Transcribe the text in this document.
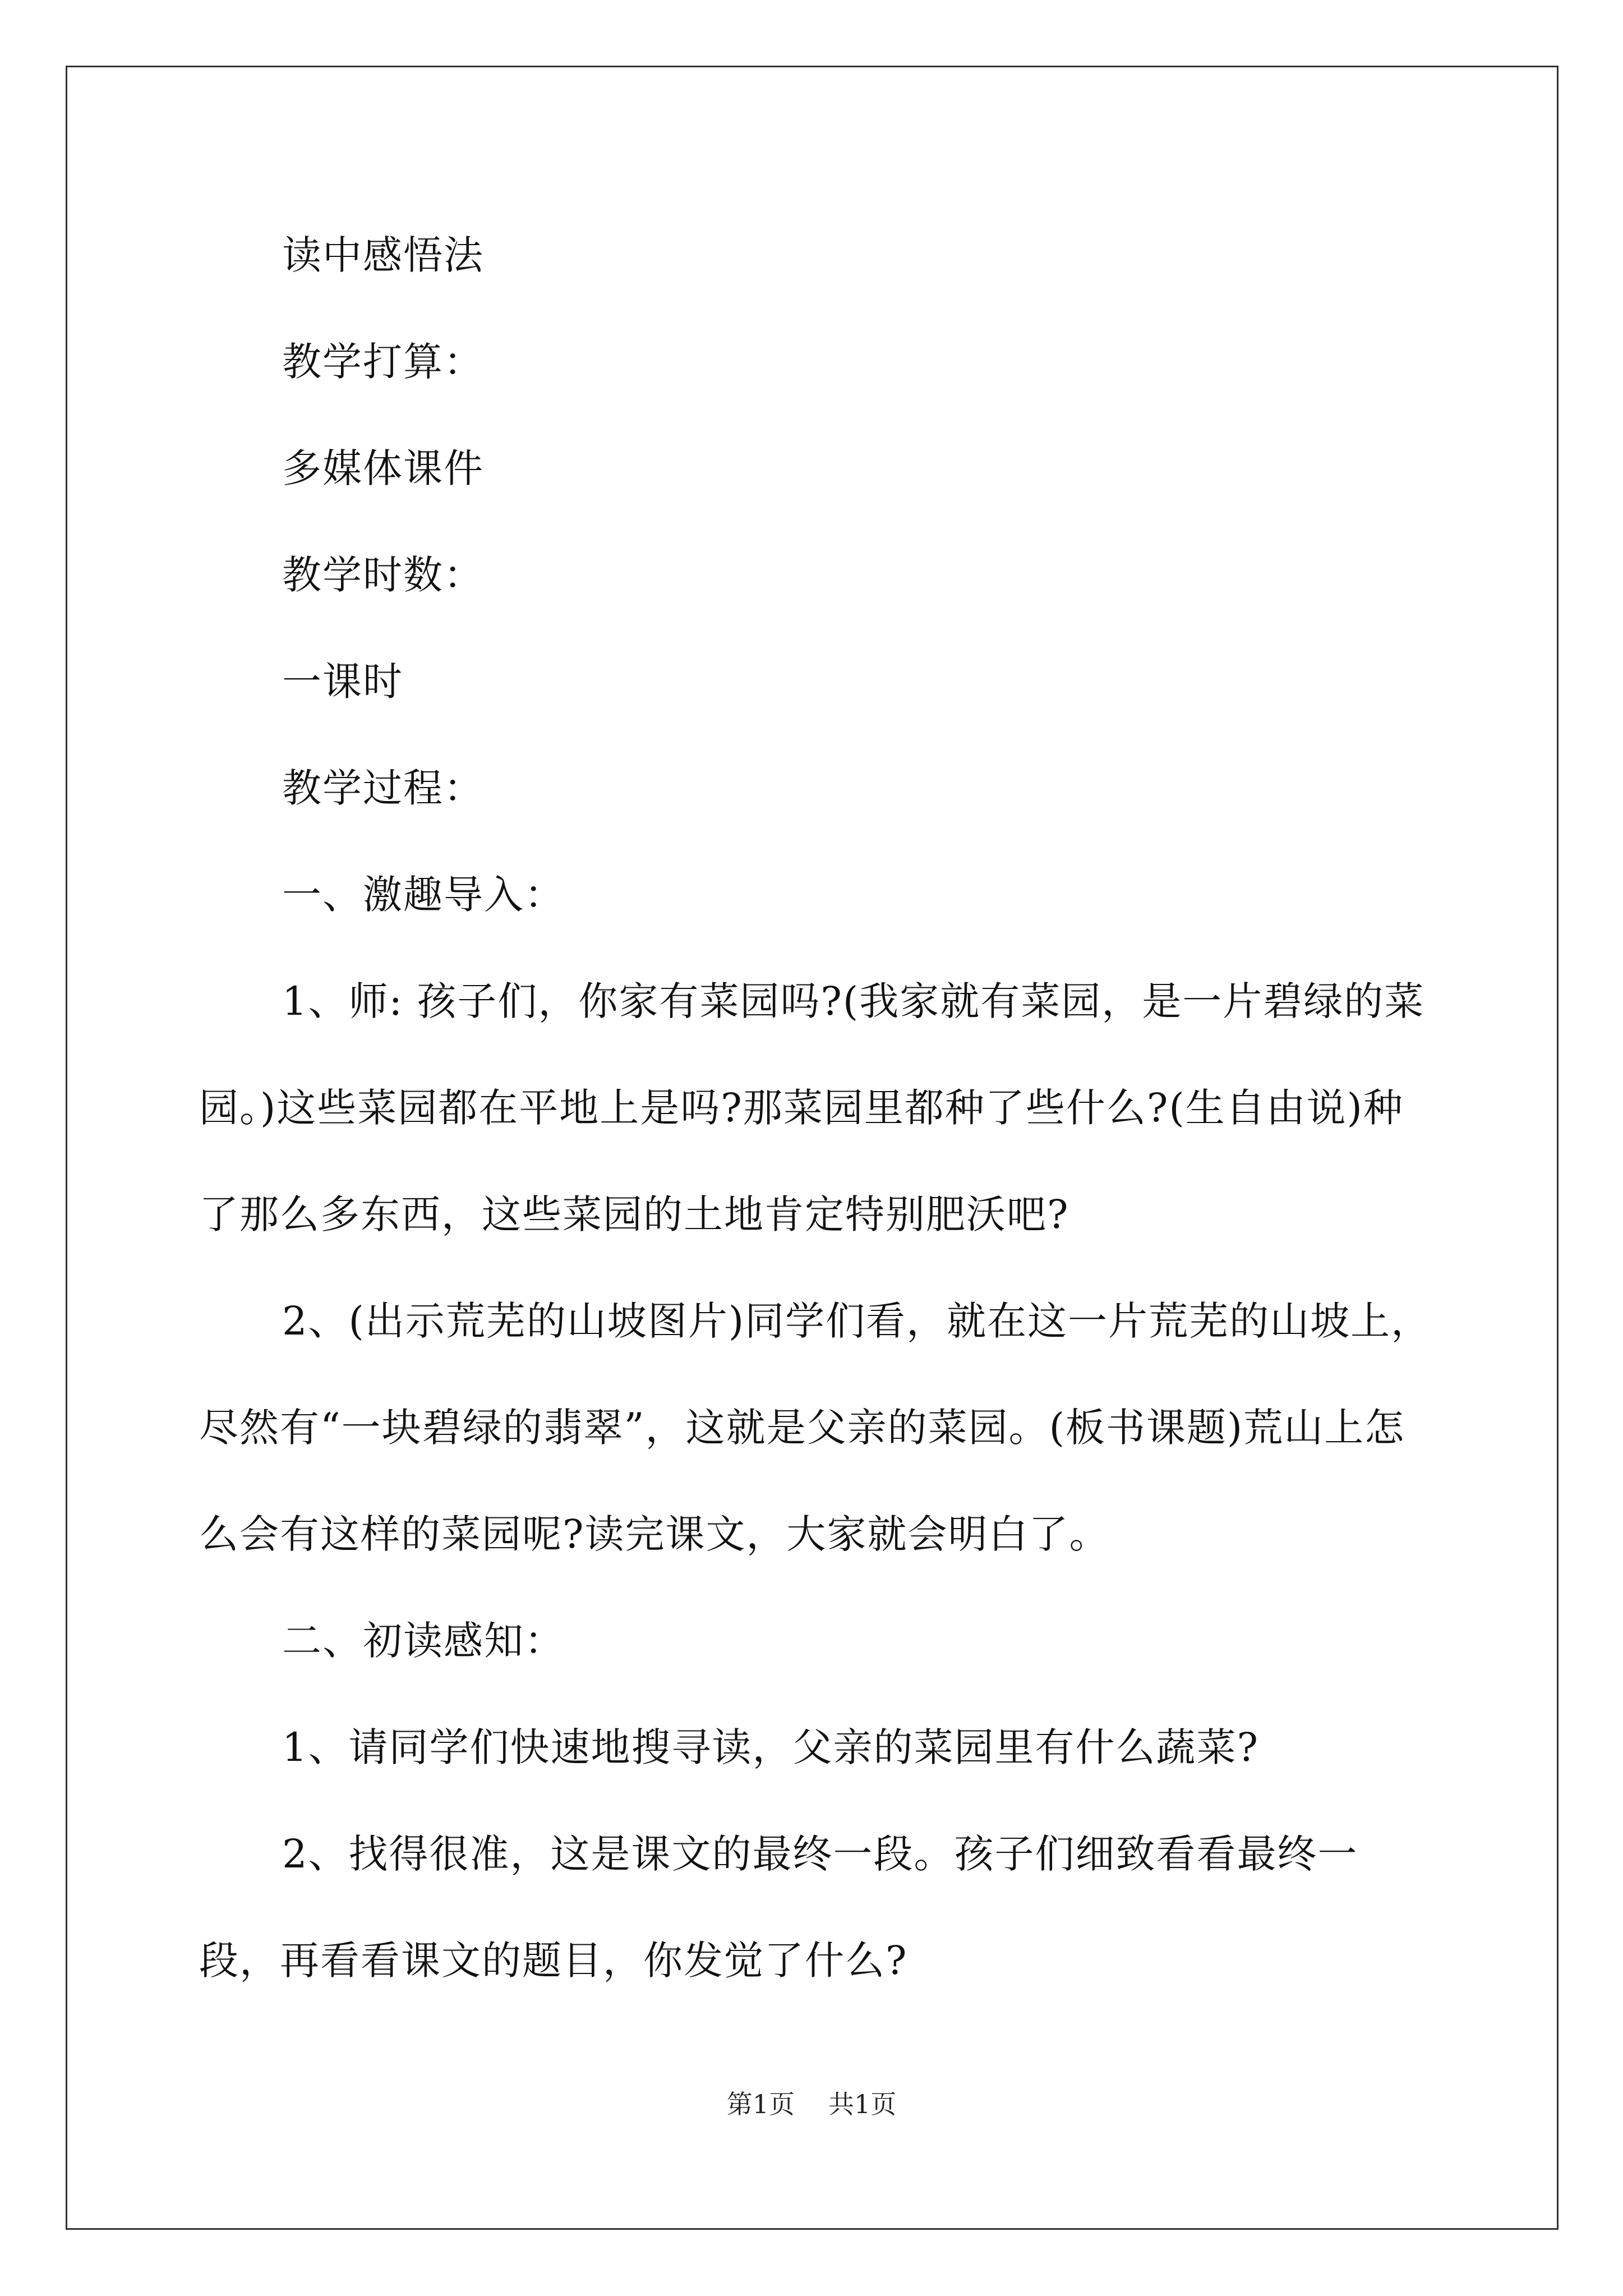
读中感悟法

教学打算：

多媒体课件

教学时数：

一课时

教学过程：

一、激趣导入：

1、师: 孩子们，你家有菜园吗?(我家就有菜园，是一片碧绿的菜园。)这些菜园都在平地上是吗?那菜园里都种了些什么?(生自由说)种了那么多东西，这些菜园的土地肯定特别肥沃吧?

2、(出示荒芜的山坡图片)同学们看，就在这一片荒芜的山坡上，尽然有“一块碧绿的翡翠”，这就是父亲的菜园。(板书课题)荒山上怎么会有这样的菜园呢?读完课文，大家就会明白了。

二、初读感知：

1、请同学们快速地搜寻读，父亲的菜园里有什么蔬菜?

2、找得很准，这是课文的最终一段。孩子们细致看看最终一段，再看看课文的题目，你发觉了什么?

第1页 共1页
